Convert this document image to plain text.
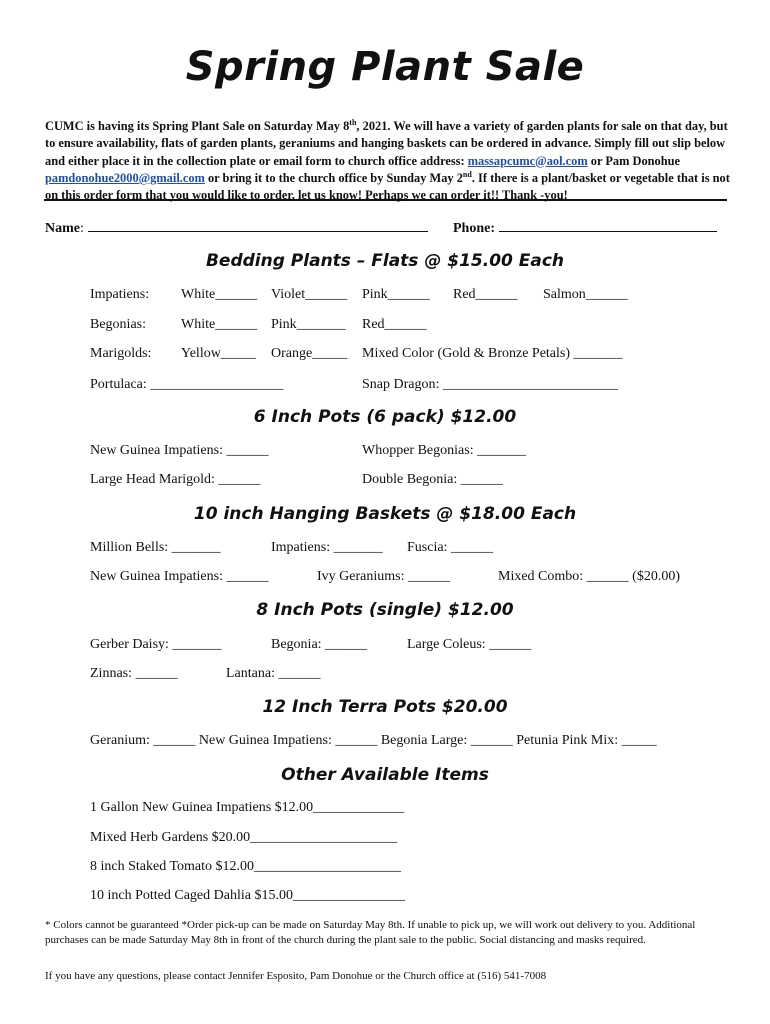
Spring Plant Sale
CUMC is having its Spring Plant Sale on Saturday May 8th, 2021. We will have a variety of garden plants for sale on that day, but to ensure availability, flats of garden plants, geraniums and hanging baskets can be ordered in advance. Simply fill out slip below and either place it in the collection plate or email form to church office address: massapcumc@aol.com or Pam Donohue pamdonohue2000@gmail.com or bring it to the church office by Sunday May 2nd. If there is a plant/basket or vegetable that is not on this order form that you would like to order, let us know! Perhaps we can order it!! Thank -you!
Name:	Phone:
Bedding Plants – Flats @ $15.00 Each
Impatiens: White______ Violet______ Pink______ Red______ Salmon______
Begonias:	White______ Pink_______ Red______
Marigolds: Yellow_____ Orange_____ Mixed Color (Gold & Bronze Petals) _______
Portulaca: ___________________	Snap Dragon: _________________________
6 Inch Pots (6 pack) $12.00
New Guinea Impatiens: ______	Whopper Begonias: _______
Large Head Marigold: ______	Double Begonia: ______
10 inch Hanging Baskets @ $18.00 Each
Million Bells: _______	Impatiens: _______ Fuscia: ______
New Guinea Impatiens: ______	Ivy Geraniums: ______	Mixed Combo: ______ ($20.00)
8 Inch Pots (single) $12.00
Gerber Daisy: _______	Begonia: ______	Large Coleus: ______
Zinnas: ______	Lantana: ______
12 Inch Terra Pots $20.00
Geranium: ______ New Guinea Impatiens: ______ Begonia Large: ______ Petunia Pink Mix: _____
Other Available Items
1 Gallon New Guinea Impatiens $12.00_____________
Mixed Herb Gardens $20.00_____________________
8 inch Staked Tomato $12.00_____________________
10 inch Potted Caged Dahlia $15.00________________
* Colors cannot be guaranteed *Order pick-up can be made on Saturday May 8th. If unable to pick up, we will work out delivery to you. Additional purchases can be made Saturday May 8th in front of the church during the plant sale to the public. Social distancing and masks required.
If you have any questions, please contact Jennifer Esposito, Pam Donohue or the Church office at (516) 541-7008
